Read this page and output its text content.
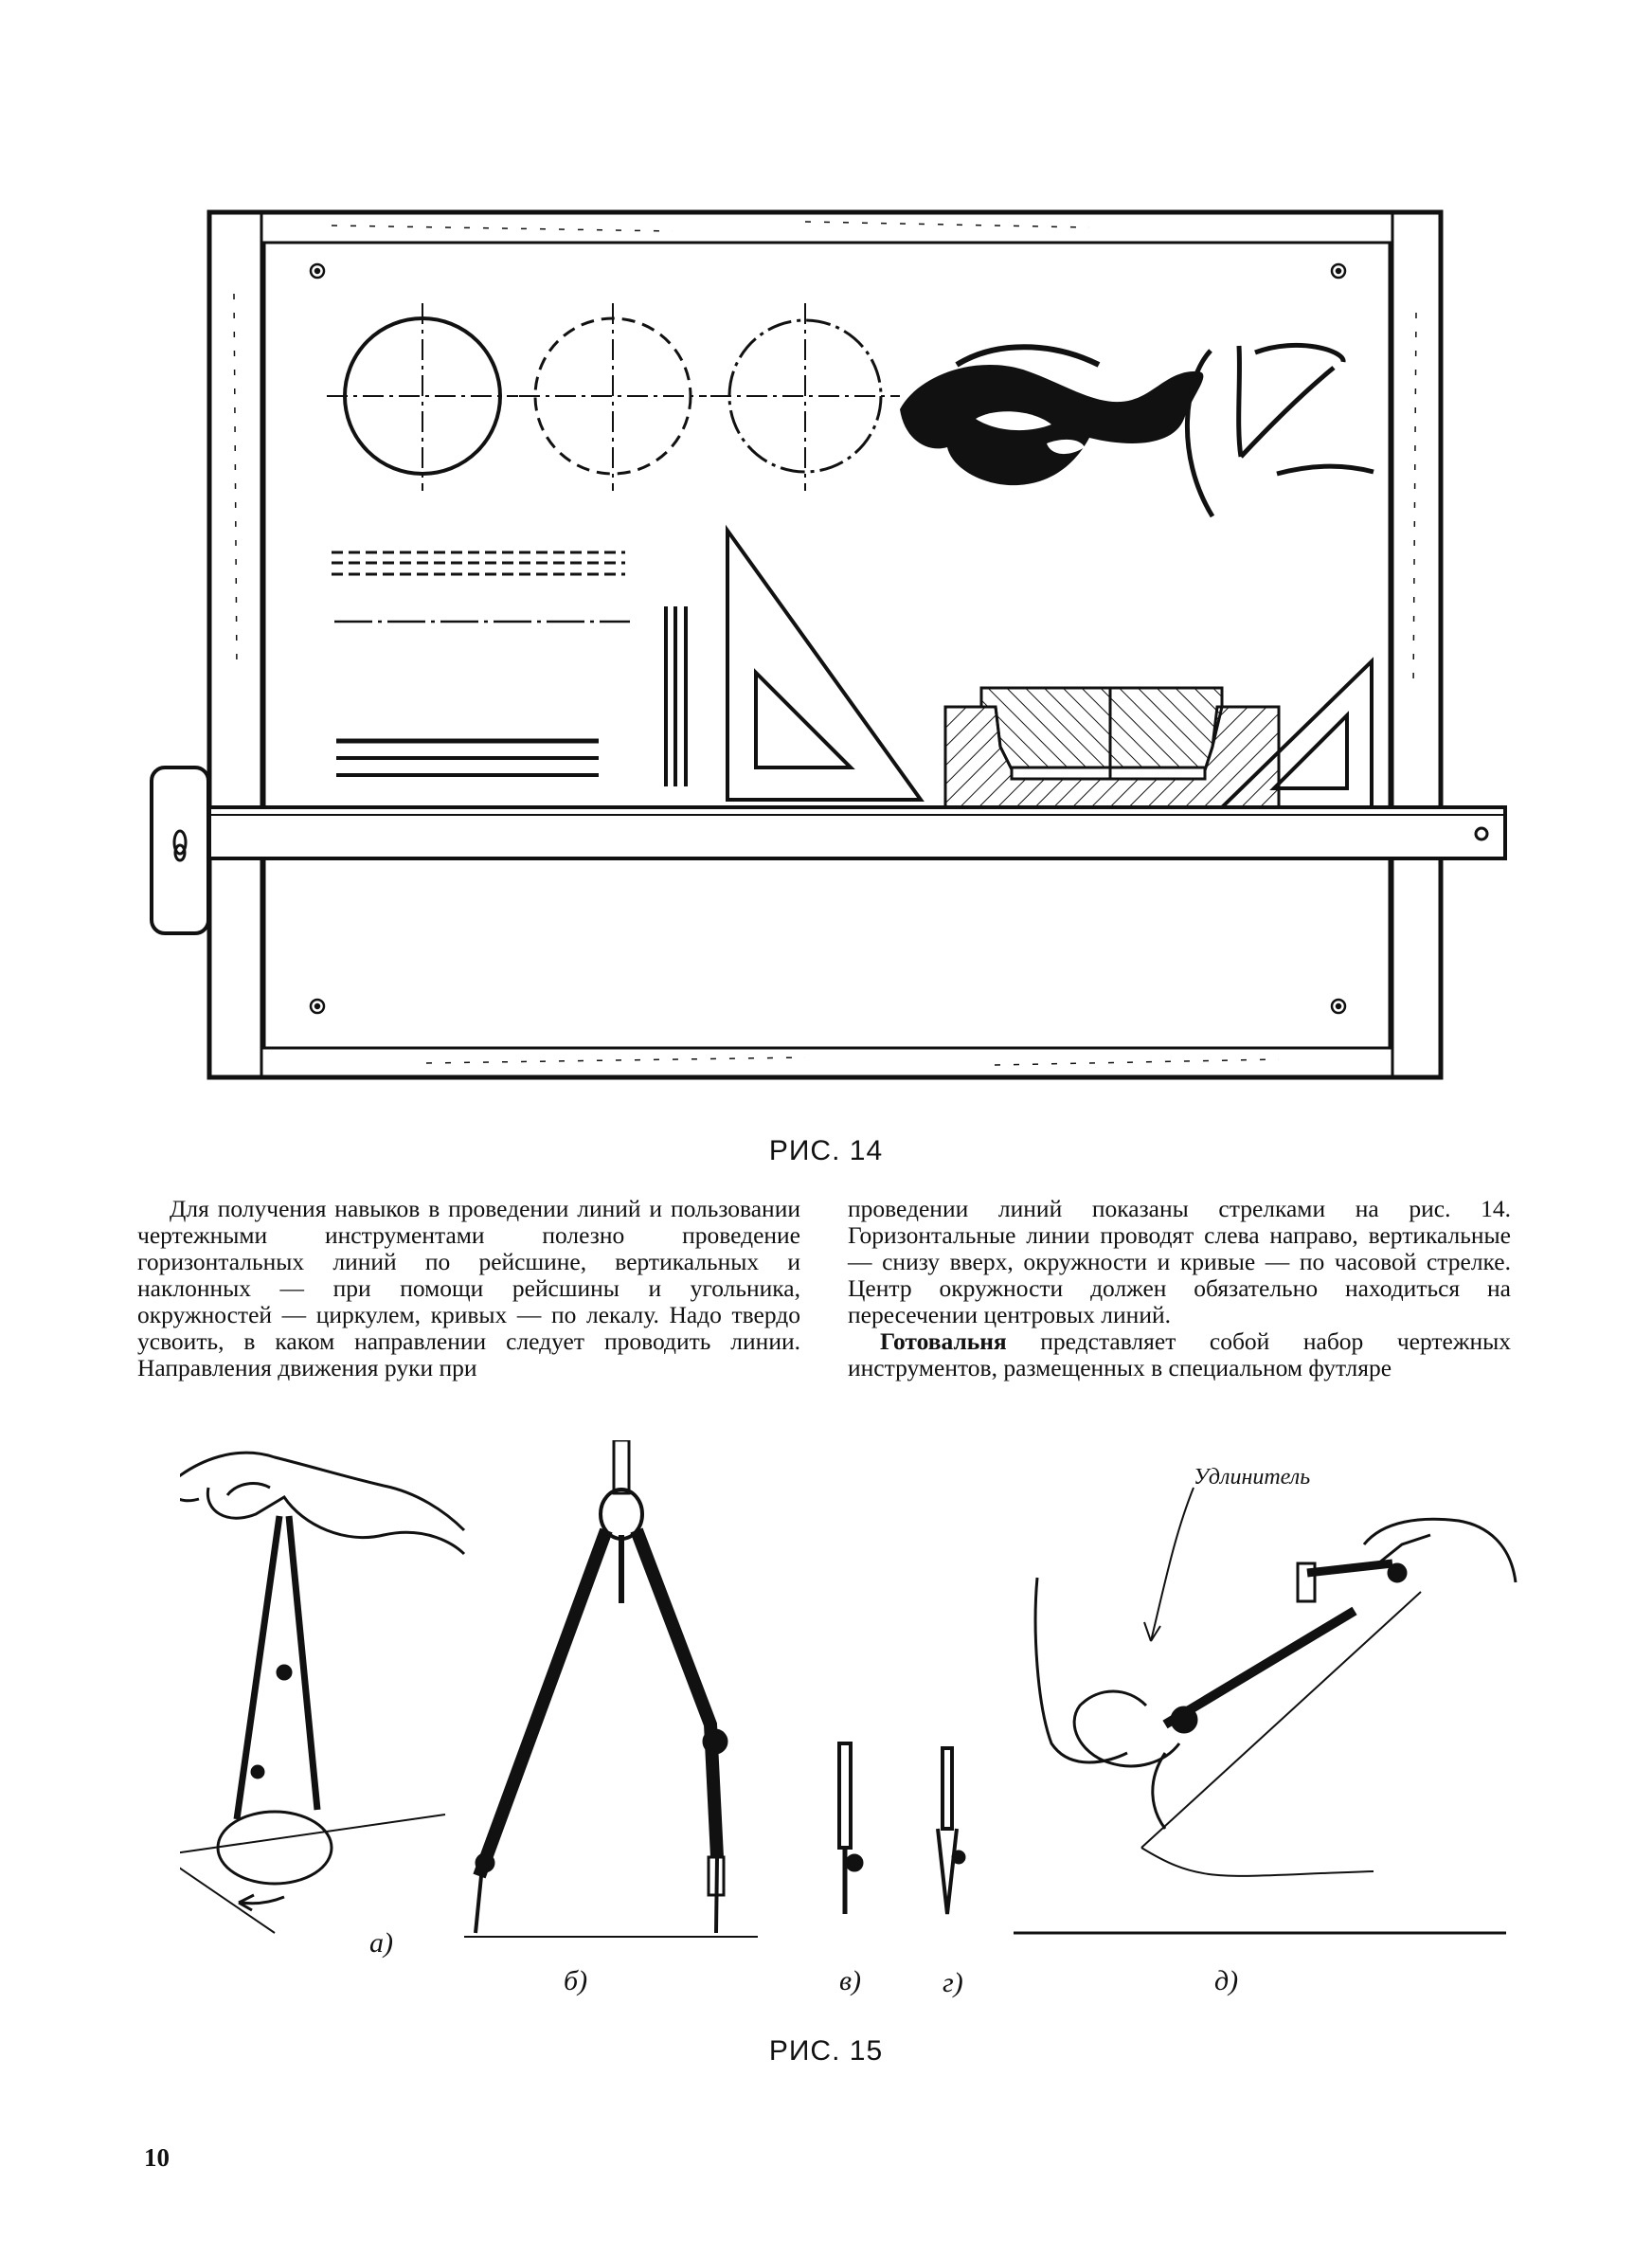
РИС. 14

Для получения навыков в проведении линий и пользовании чертежными инструментами полезно проведение горизонтальных линий по рейсшине, вертикальных и наклонных — при помощи рейсшины и угольника, окружностей — циркулем, кривых — по лекалу. Надо твердо усвоить, в каком направлении следует проводить линии. Направления движения руки при

проведении линий показаны стрелками на рис. 14. Горизонтальные линии проводят слева направо, вертикальные — снизу вверх, окружности и кривые — по часовой стрелке. Центр окружности должен обязательно находиться на пересечении центровых линий.

Готовальня представляет собой набор чертежных инструментов, размещенных в специальном футляре

а)
б)	в)	г)
Удлинитель
д)
РИС. 15
10
